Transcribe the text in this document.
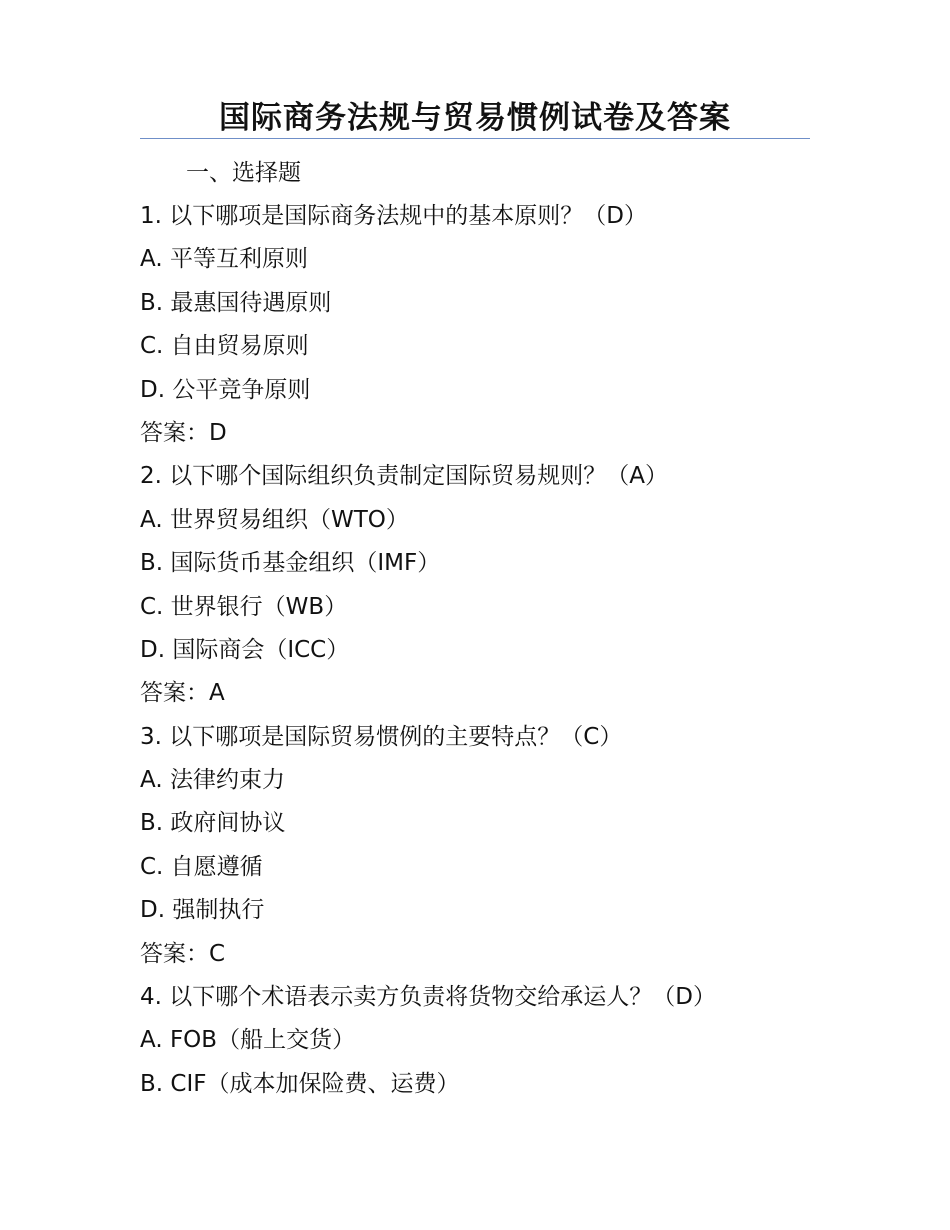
国际商务法规与贸易惯例试卷及答案
一、选择题
1. 以下哪项是国际商务法规中的基本原则？（D）
A. 平等互利原则
B. 最惠国待遇原则
C. 自由贸易原则
D. 公平竞争原则
答案：D
2. 以下哪个国际组织负责制定国际贸易规则？（A）
A. 世界贸易组织（WTO）
B. 国际货币基金组织（IMF）
C. 世界银行（WB）
D. 国际商会（ICC）
答案：A
3. 以下哪项是国际贸易惯例的主要特点？（C）
A. 法律约束力
B. 政府间协议
C. 自愿遵循
D. 强制执行
答案：C
4. 以下哪个术语表示卖方负责将货物交给承运人？（D）
A. FOB（船上交货）
B. CIF（成本加保险费、运费）
